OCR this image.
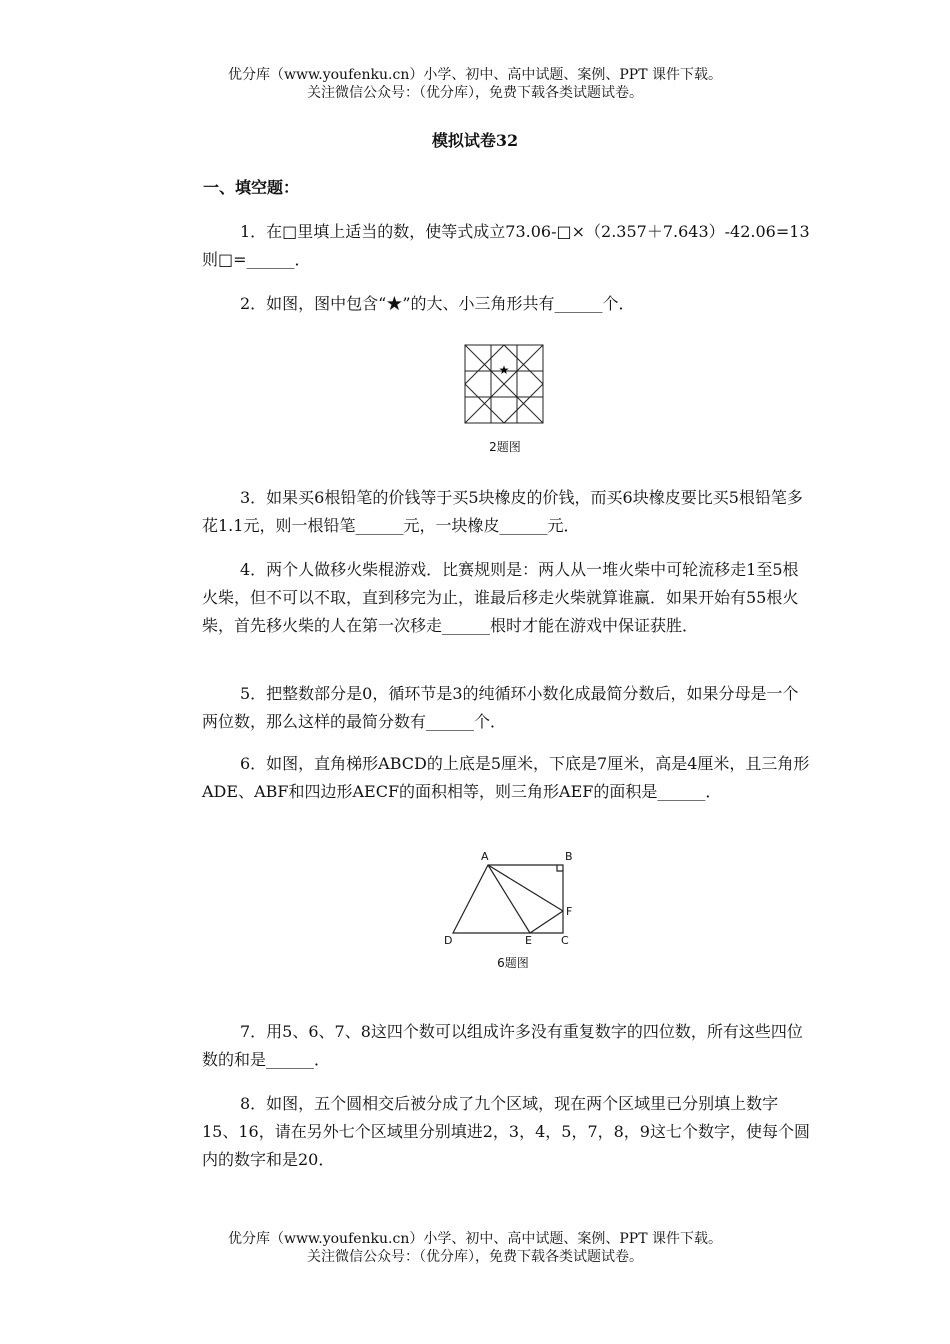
优分库（www.youfenku.cn）小学、初中、高中试题、案例、PPT 课件下载。
关注微信公众号：（优分库），免费下载各类试题试卷。
模拟试卷32
一、填空题：

1．在□里填上适当的数，使等式成立73.06-□×（2.357＋7.643）-42.06=13 则□=______．

2．如图，图中包含“★”的大、小三角形共有______个．

★
2题图

3．如果买6根铅笔的价钱等于买5块橡皮的价钱，而买6块橡皮要比买5根铅笔多花1.1元，则一根铅笔______元，一块橡皮______元．

4．两个人做移火柴棍游戏．比赛规则是：两人从一堆火柴中可轮流移走1至5根火柴，但不可以不取，直到移完为止，谁最后移走火柴就算谁赢．如果开始有55根火柴，首先移火柴的人在第一次移走______根时才能在游戏中保证获胜．

5．把整数部分是0，循环节是3的纯循环小数化成最简分数后，如果分母是一个两位数，那么这样的最简分数有______个．

6．如图，直角梯形ABCD的上底是5厘米，下底是7厘米，高是4厘米，且三角形ADE、ABF和四边形AECF的面积相等，则三角形AEF的面积是______．

A	B
C
D	E
F
6题图

7．用5、6、7、8这四个数可以组成许多没有重复数字的四位数，所有这些四位数的和是______．

8．如图，五个圆相交后被分成了九个区域，现在两个区域里已分别填上数字15、16，请在另外七个区域里分别填进2，3，4，5，7，8，9这七个数字，使每个圆内的数字和是20．

优分库（www.youfenku.cn）小学、初中、高中试题、案例、PPT 课件下载。
关注微信公众号：（优分库），免费下载各类试题试卷。
